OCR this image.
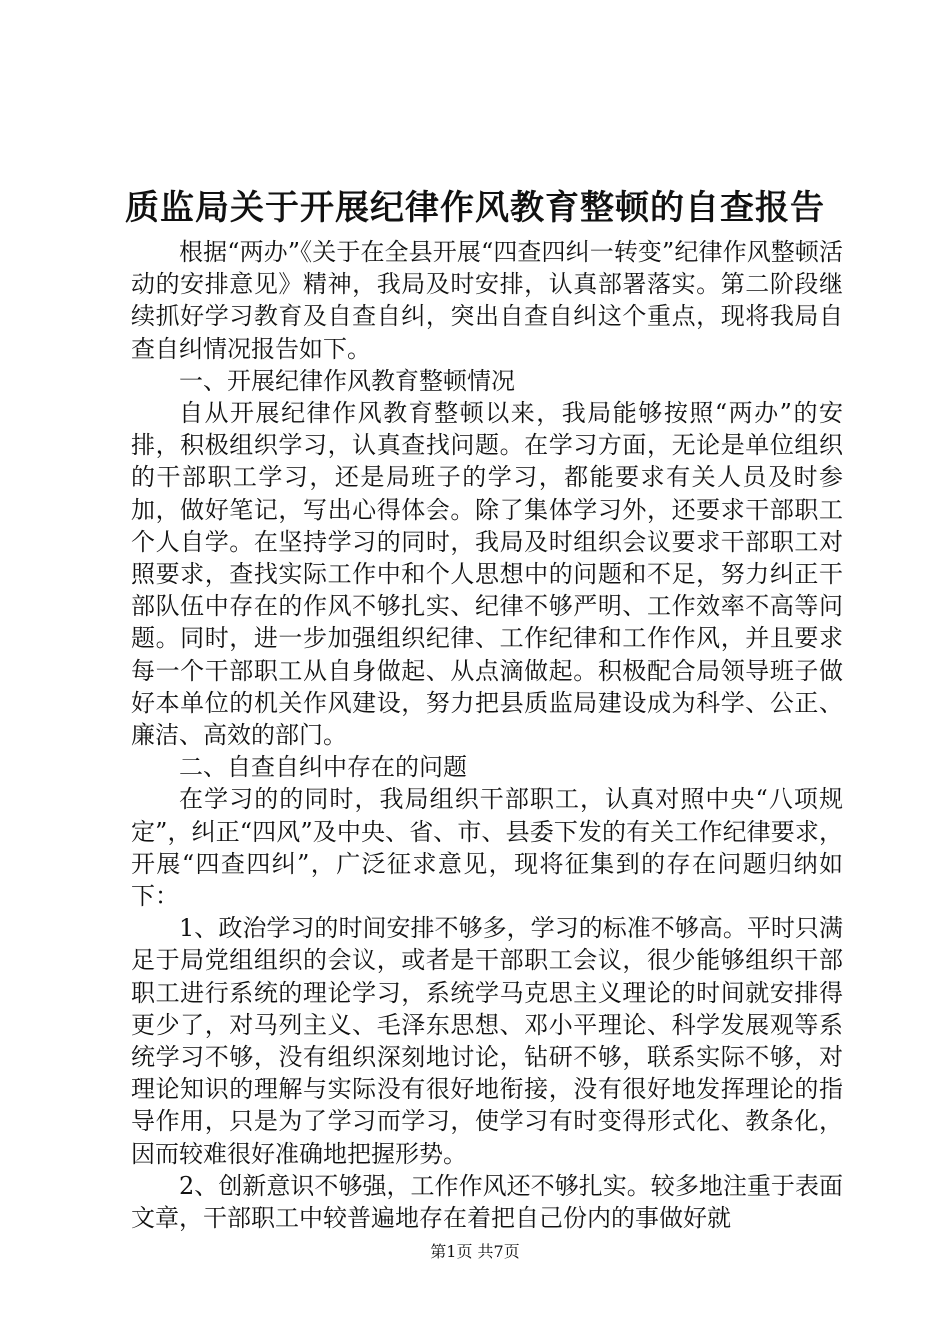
质监局关于开展纪律作风教育整顿的自查报告

根据“两办”《关于在全县开展“四查四纠一转变”纪律作风整顿活动的安排意见》精神，我局及时安排，认真部署落实。第二阶段继续抓好学习教育及自查自纠，突出自查自纠这个重点，现将我局自查自纠情况报告如下。

一、开展纪律作风教育整顿情况

自从开展纪律作风教育整顿以来，我局能够按照“两办”的安排，积极组织学习，认真查找问题。在学习方面，无论是单位组织的干部职工学习，还是局班子的学习，都能要求有关人员及时参加，做好笔记，写出心得体会。除了集体学习外，还要求干部职工个人自学。在坚持学习的同时，我局及时组织会议要求干部职工对照要求，查找实际工作中和个人思想中的问题和不足，努力纠正干部队伍中存在的作风不够扎实、纪律不够严明、工作效率不高等问题。同时，进一步加强组织纪律、工作纪律和工作作风，并且要求每一个干部职工从自身做起、从点滴做起。积极配合局领导班子做好本单位的机关作风建设，努力把县质监局建设成为科学、公正、廉洁、高效的部门。

二、自查自纠中存在的问题

在学习的的同时，我局组织干部职工，认真对照中央“八项规定”，纠正“四风”及中央、省、市、县委下发的有关工作纪律要求，开展“四查四纠”，广泛征求意见，现将征集到的存在问题归纳如下：

1、政治学习的时间安排不够多，学习的标准不够高。平时只满足于局党组组织的会议，或者是干部职工会议，很少能够组织干部职工进行系统的理论学习，系统学马克思主义理论的时间就安排得更少了，对马列主义、毛泽东思想、邓小平理论、科学发展观等系统学习不够，没有组织深刻地讨论，钻研不够，联系实际不够，对理论知识的理解与实际没有很好地衔接，没有很好地发挥理论的指导作用，只是为了学习而学习，使学习有时变得形式化、教条化，因而较难很好准确地把握形势。

2、创新意识不够强，工作作风还不够扎实。较多地注重于表面文章，干部职工中较普遍地存在着把自己份内的事做好就

第1页 共7页
